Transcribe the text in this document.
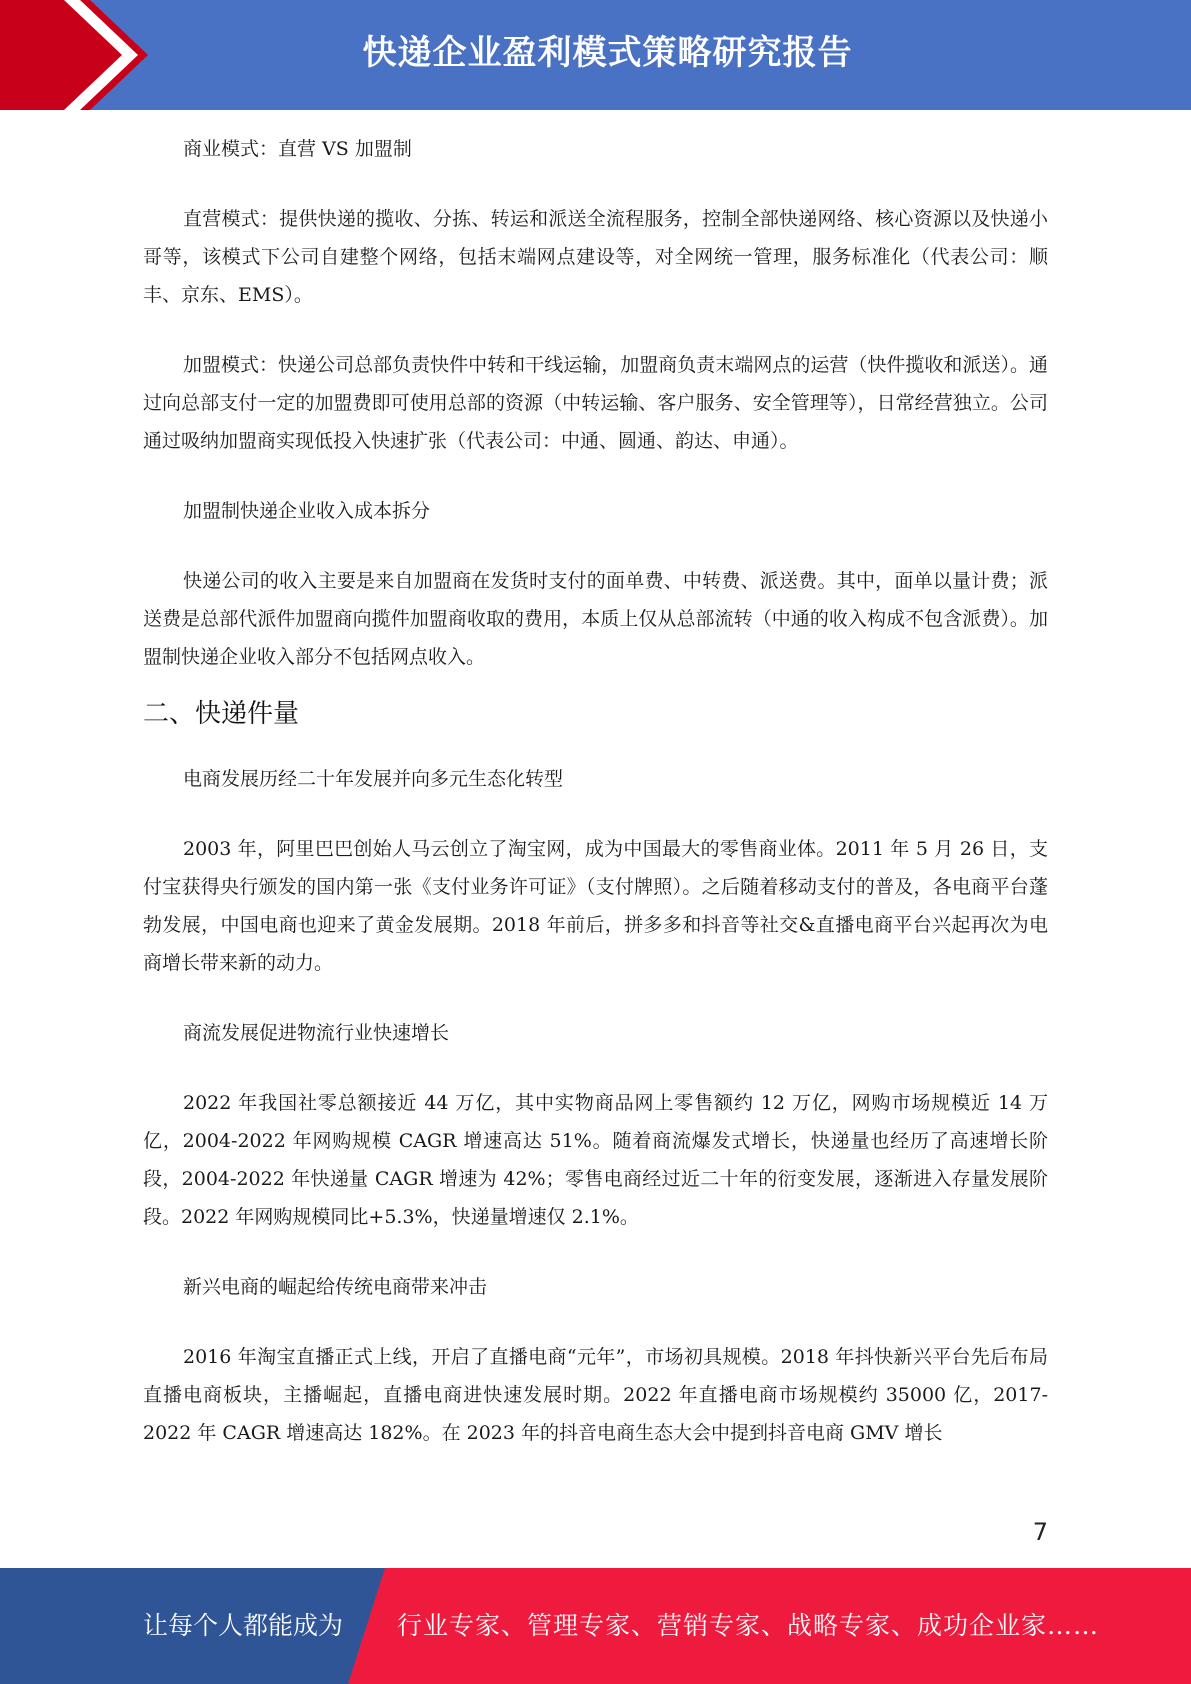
快递企业盈利模式策略研究报告

商业模式：直营 VS 加盟制

直营模式：提供快递的揽收、分拣、转运和派送全流程服务，控制全部快递网络、核心资源以及快递小哥等，该模式下公司自建整个网络，包括末端网点建设等，对全网统一管理，服务标准化（代表公司：顺丰、京东、EMS）。

加盟模式：快递公司总部负责快件中转和干线运输，加盟商负责末端网点的运营（快件揽收和派送）。通过向总部支付一定的加盟费即可使用总部的资源（中转运输、客户服务、安全管理等），日常经营独立。公司通过吸纳加盟商实现低投入快速扩张（代表公司：中通、圆通、韵达、申通）。

加盟制快递企业收入成本拆分

快递公司的收入主要是来自加盟商在发货时支付的面单费、中转费、派送费。其中，面单以量计费；派送费是总部代派件加盟商向揽件加盟商收取的费用，本质上仅从总部流转（中通的收入构成不包含派费）。加盟制快递企业收入部分不包括网点收入。

二、快递件量

电商发展历经二十年发展并向多元生态化转型

2003 年，阿里巴巴创始人马云创立了淘宝网，成为中国最大的零售商业体。2011 年 5 月 26 日，支付宝获得央行颁发的国内第一张《支付业务许可证》（支付牌照）。之后随着移动支付的普及，各电商平台蓬勃发展，中国电商也迎来了黄金发展期。2018 年前后，拼多多和抖音等社交&直播电商平台兴起再次为电商增长带来新的动力。

商流发展促进物流行业快速增长

2022 年我国社零总额接近 44 万亿，其中实物商品网上零售额约 12 万亿，网购市场规模近 14 万亿，2004-2022 年网购规模 CAGR 增速高达 51%。随着商流爆发式增长，快递量也经历了高速增长阶段，2004-2022 年快递量 CAGR 增速为 42%；零售电商经过近二十年的衍变发展，逐渐进入存量发展阶段。2022 年网购规模同比+5.3%，快递量增速仅 2.1%。

新兴电商的崛起给传统电商带来冲击

2016 年淘宝直播正式上线，开启了直播电商“元年”，市场初具规模。2018 年抖快新兴平台先后布局直播电商板块，主播崛起，直播电商进快速发展时期。2022 年直播电商市场规模约 35000 亿，2017-2022 年 CAGR 增速高达 182%。在 2023 年的抖音电商生态大会中提到抖音电商 GMV 增长

7
让每个人都能成为 行业专家、管理专家、营销专家、战略专家、成功企业家……
